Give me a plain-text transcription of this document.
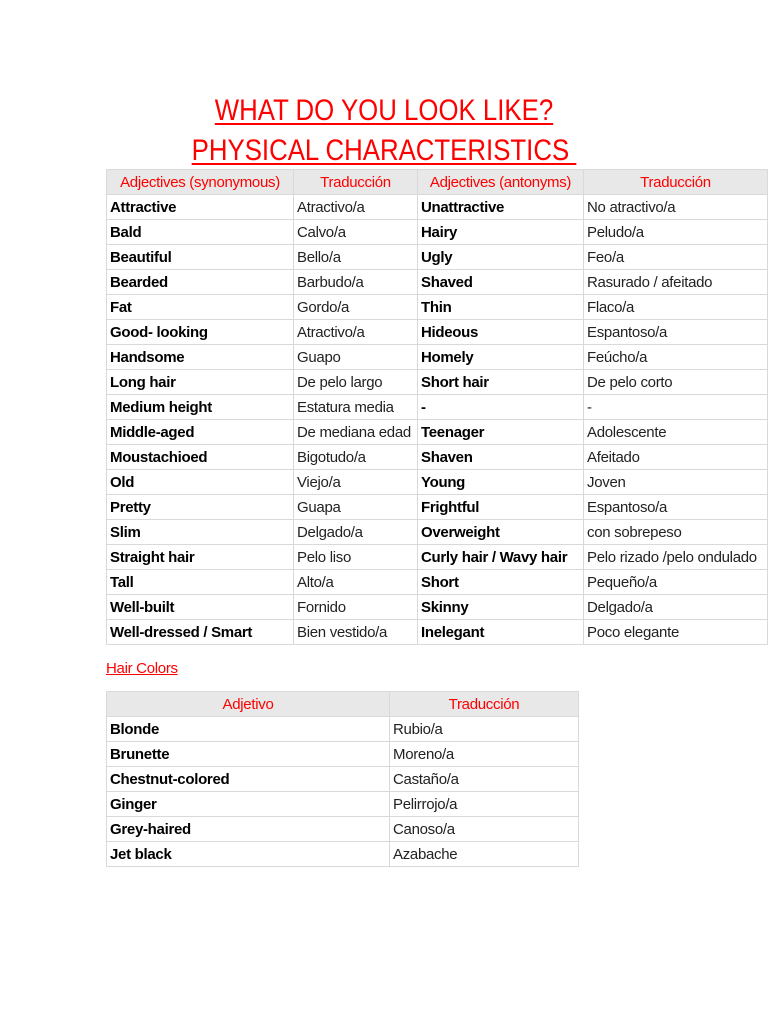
WHAT DO YOU LOOK LIKE?
PHYSICAL CHARACTERISTICS
Adjectives (synonymous)	Traducción	Adjectives (antonyms)	Traducción
Attractive	Atractivo/a	Unattractive	No atractivo/a
Bald	Calvo/a	Hairy	Peludo/a
Beautiful	Bello/a	Ugly	Feo/a
Bearded	Barbudo/a	Shaved	Rasurado / afeitado
Fat	Gordo/a	Thin	Flaco/a
Good- looking	Atractivo/a	Hideous	Espantoso/a
Handsome	Guapo	Homely	Feúcho/a
Long hair	De pelo largo	Short hair	De pelo corto
Medium height	Estatura media	-	-
Middle-aged	De mediana edad	Teenager	Adolescente
Moustachioed	Bigotudo/a	Shaven	Afeitado
Old	Viejo/a	Young	Joven
Pretty	Guapa	Frightful	Espantoso/a
Slim	Delgado/a	Overweight	con sobrepeso
Straight hair	Pelo liso	Curly hair / Wavy hair	Pelo rizado /pelo ondulado
Tall	Alto/a	Short	Pequeño/a
Well-built	Fornido	Skinny	Delgado/a
Well-dressed / Smart	Bien vestido/a	Inelegant	Poco elegante
Hair Colors
Adjetivo	Traducción
Blonde	Rubio/a
Brunette	Moreno/a
Chestnut-colored	Castaño/a
Ginger	Pelirrojo/a
Grey-haired	Canoso/a
Jet black	Azabache
